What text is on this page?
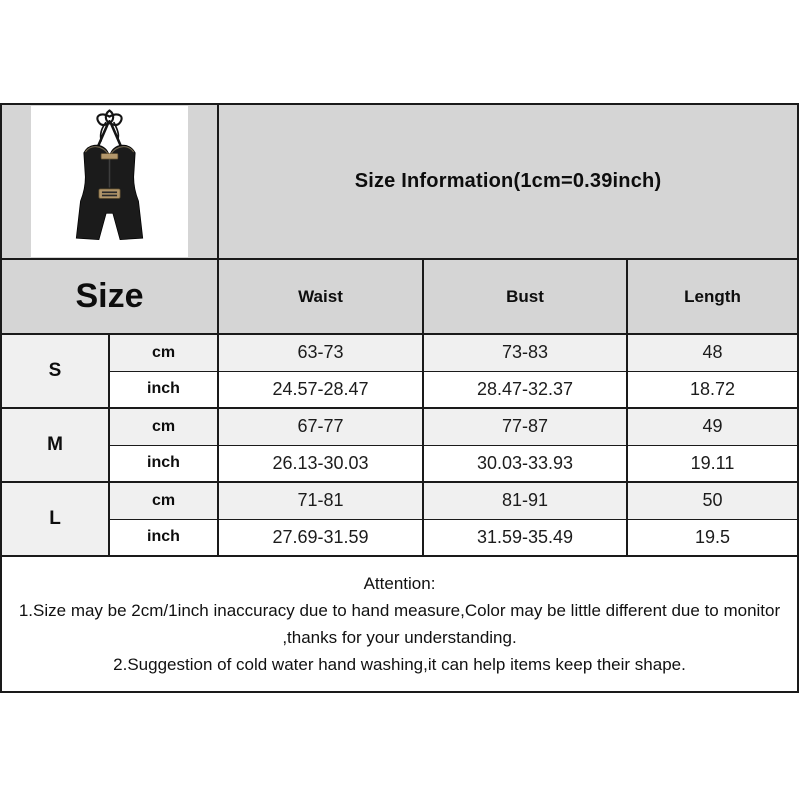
	Size Information(1cm=0.39inch)		
Size		Waist	Bust	Length
S	cm	63-73	73-83	48
	inch	24.57-28.47	28.47-32.37	18.72
M	cm	67-77	77-87	49
	inch	26.13-30.03	30.03-33.93	19.11
L	cm	71-81	81-91	50
	inch	27.69-31.59	31.59-35.49	19.5

Attention:

1.Size may be 2cm/1inch inaccuracy due to hand measure,Color may be little different due to monitor ,thanks for your understanding.

2.Suggestion of cold water hand washing,it can help items keep their shape.				
